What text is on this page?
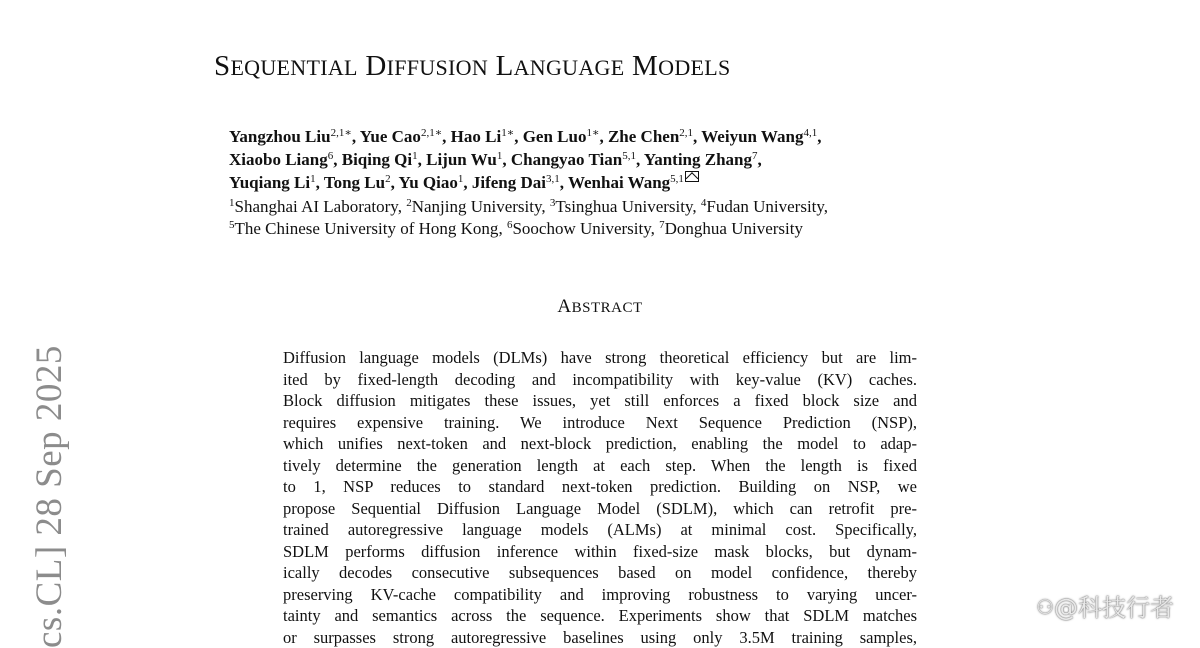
SEQUENTIAL DIFFUSION LANGUAGE MODELS
Yangzhou Liu$^{2,1∗}$, Yue Cao$^{2,1∗}$, Hao $Li^{1∗}$, Gen Luo$^{1∗}$, Zhe Chen$^{2,1}$, Weiyun Wang$^{4,1}$,
Xiaobo Liang$^6$, Biqing Qi$^1$, Lijun Wu$^1$, Changyao Tian$^{5,1}$, Yanting Zhang$^7$,
Yuqiang Li$^1$, Tong Lu$^2$, Yu Qiao$^1$, Jifeng Dai$^{3,1}$, Wenhai Wang$^{5,1}$
$^1$Shanghai AI Laboratory, $^2$Nanjing University, $^3$Tsinghua University, $^4$Fudan University,
$^5$The Chinese University of Hong Kong, $^6$Soochow University, $^7$Donghua University
ABSTRACT
Diffusion language models (DLMs) have strong theoretical efficiency but are lim-
ited by fixed-length decoding and incompatibility with key-value (KV) caches.
Block diffusion mitigates these issues, yet still enforces a fixed block size and
requires expensive training. We introduce Next Sequence Prediction (NSP),
which unifies next-token and next-block prediction, enabling the model to adap-
tively determine the generation length at each step. When the length is fixed
to 1, NSP reduces to standard next-token prediction. Building on NSP, we
propose Sequential Diffusion Language Model (SDLM), which can retrofit pre-
trained autoregressive language models (ALMs) at minimal cost. Specifically,
SDLM performs diffusion inference within fixed-size mask blocks, but dynam-
ically decodes consecutive subsequences based on model confidence, thereby
preserving KV-cache compatibility and improving robustness to varying uncer-
tainty and semantics across the sequence. Experiments show that SDLM matches
or surpasses strong autoregressive baselines using only 3.5M training samples,
cs.CL] 28 Sep 2025	⚇@科技行者
